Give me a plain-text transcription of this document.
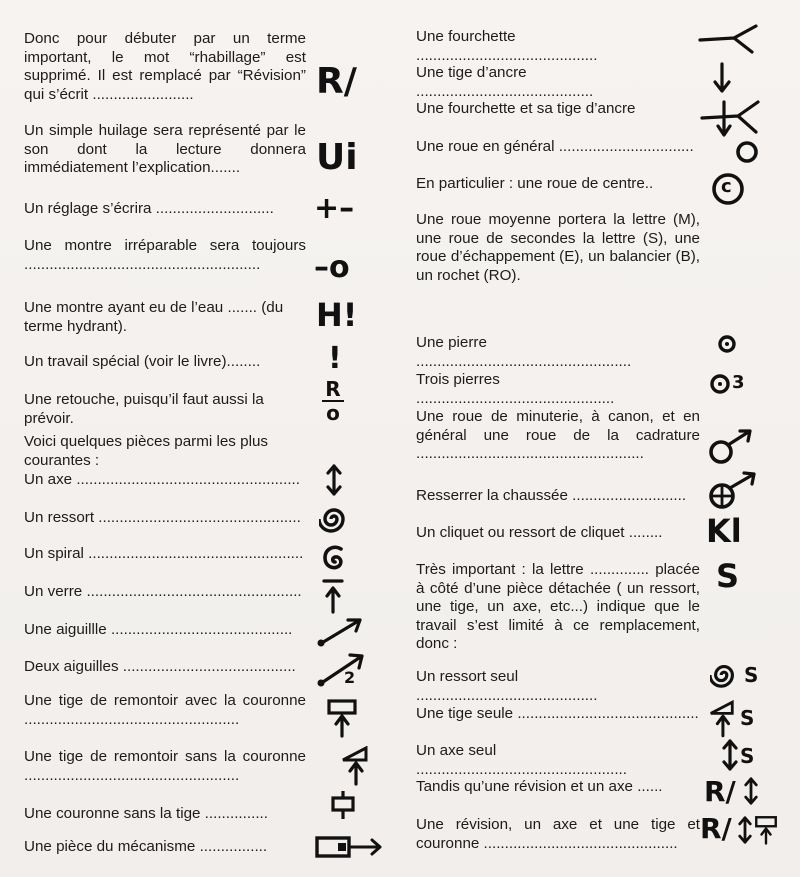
Donc pour débuter par un terme important, le mot “rhabillage” est supprimé. Il est remplacé par “Révision” qui s’écrit ........................
Un simple huilage sera représenté par le son dont la lecture donnera immédiatement l’explication.......
Un réglage s’écrira ............................
Une montre irréparable sera toujours ........................................................
Une montre ayant eu de l’eau ....... (du terme hydrant).
Un travail spécial (voir le livre)........
Une retouche, puisqu’il faut aussi la prévoir.
Voici quelques pièces parmi les plus courantes :
Un axe .....................................................
Un ressort ................................................
Un spiral ...................................................
Un verre ...................................................
Une aiguillle ...........................................
Deux aiguilles .........................................
Une tige de remontoir avec la couronne ...................................................
Une tige de remontoir sans la couronne ...................................................
Une couronne sans la tige ...............
Une pièce du mécanisme ................
R/
Ui
+–
–o
H!
!
R
o
2
Une fourchette ...........................................
Une tige d’ancre ..........................................
Une fourchette et sa tige d’ancre
Une roue en général ................................
En particulier : une roue de centre..
Une roue moyenne portera la lettre (M), une roue de secondes la lettre (S), une roue d’échappement (E), un balancier (B), un rochet (RO).
Une pierre ...................................................
Trois pierres ...............................................
Une roue de minuterie, à canon, et en général une roue de la cadrature ......................................................
Resserrer la chaussée ...........................
Un cliquet ou ressort de cliquet ........
Très important : la lettre .............. placée à côté d’une pièce détachée ( un ressort, une tige, un axe, etc...) indique que le travail s’est limité à ce remplacement, donc :
Un ressort seul ...........................................
Une tige seule ...........................................
Un axe seul ..................................................
Tandis qu’une révision et un axe ......
Une révision, un axe et une tige et couronne ..............................................
c
3
Kl
S
S
S
S
R/
R/
